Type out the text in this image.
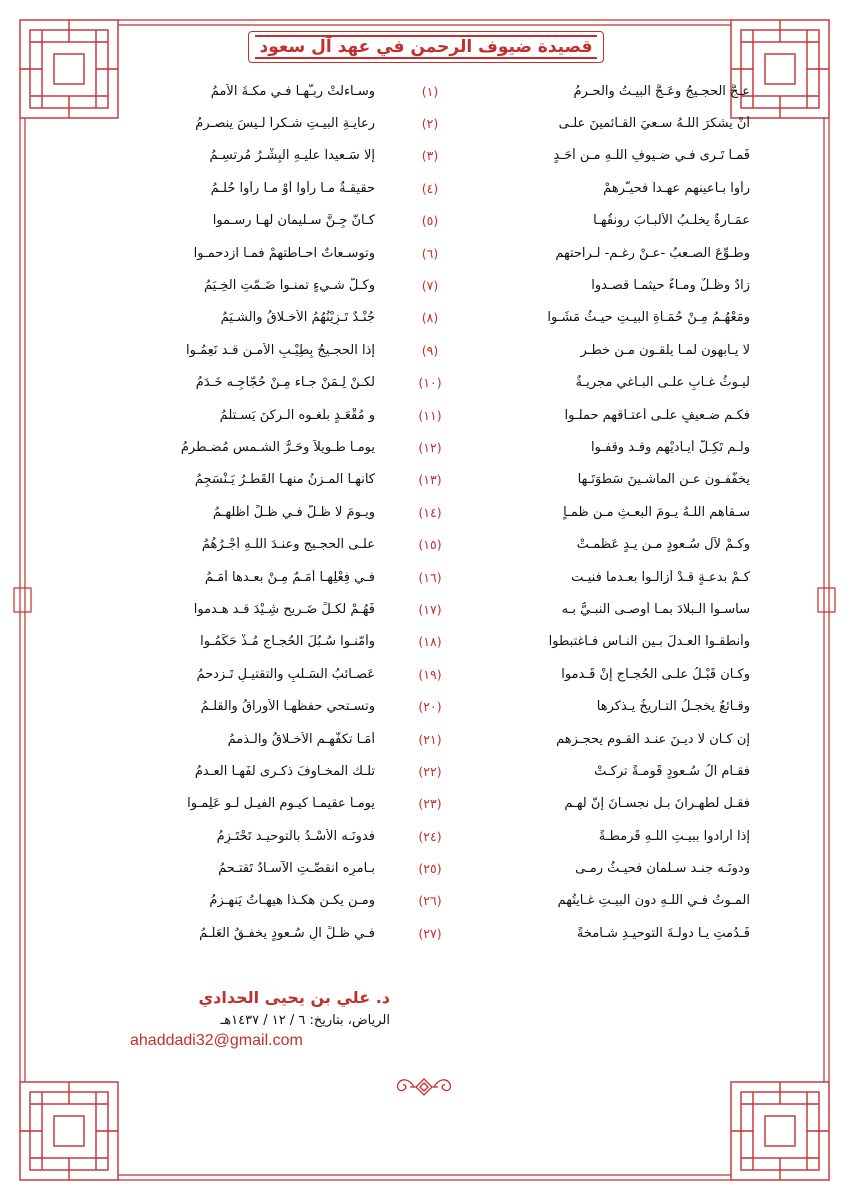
قصيدة ضيوف الرحمن في عهد آل سعود
عـجَّ الحجـيجُ وعَـجَّ البيـتُ والحـرمُ
(١)
وسـاءلتْ ربـَّهـا فـي مكـةَ الأُممُ
أنْ يشكرَ اللـهُ سـعيَ القـائمينَ علـى
(٢)
رعايـةِ البيـتِ شـكراً لـيسَ ينصـرمُ
فَمـا تَـرى فـي ضـيوفِ اللـهِ مـن أحَـدٍ
(٣)
إلا سَـعيداً عليـهِ البِشْـرُ مُرتسِـمُ
رأوا بـأعينهم عهـداً فحيـّرهمْ
(٤)
حقيقـةٌ مـا رأوا أوْ مـا رأوا حُلُـمُ
عمَـارةٌ يخلـبُ الألبـابَ رونقُهـا
(٥)
كـأنّ جِـنَّ سـليمان لهـا رسـموا
وطُـوِّعَ الصـعبُ -عـنْ رغـمٍ- لـراحتهم
(٦)
وتوسـعاتٌ احـاطتهمْ فمـا ازدحمـوا
زادٌ وظـلٌ ومـاءٌ حيثمـا قصـدوا
(٧)
وكـلُّ شـيءٍ تمنـوا ضَـمّتِ الخِـيَمُ
ومَعْهُـمُ مِـنْ حُمَـاةِ البيـتِ حيـثُ مَشَـوا
(٨)
جُنْـدٌ تَـزِيْنُهُمُ الأخـلاقُ والشـيَمُ
لا يـأبهون لمـا يلقـون مـن خطـر
(٩)
إذا الحجـيجُ بِطِيْـبِ الأمـنِ قـد نَعِمُـوا
ليـوثُ غـابٍ علـى البـاغي مجريـةٌ
(١٠)
لكـنْ لِـمَنْ جـاء مِـنْ حُجّاجِـه خَـدَمُ
فكـم ضـعيفٍ علـى أعتـاقهم حملـوا
(١١)
و مُقْعَـدٍ بلَغـوه الـركنَ يَسـتلمُ
ولـم تَكِـلَّ أيـاديْهم وقـد وقفـوا
(١٢)
يومـاً طـويلاً وحَـرُّ الشـمسِ مُضـطرمُ
يخفّفـون عـن الماشـينَ سَطْوَتَـها
(١٣)
كأنهـا المـزنُ منهـا القَطْـرُ يَـنْسَجِمُ
سـقاهم اللـهُ يـومَ البعـثِ مـن ظمـأٍ
(١٤)
ويـومَ لا ظـلَّ فـي ظـلٍّ أظلهـمُ
وكـمْ لآل سُـعودٍ مـن يـدٍ عَظُمـتْ
(١٥)
علـى الحجـيجِ وعنـدَ اللـهِ أجْـرُهُمُ
كـمْ بدعـةٍ قـدْ أزالـوا بعـدما فنيـت
(١٦)
فـي فِعْلِهـا أُمَـمٌ مِـنْ بعـدها أُمَـمُ
ساسـوا الـبلادَ بمـا أوصـى النبـيُّ بـه
(١٧)
فَهُـمْ لكـلِّ ضَـريحٍ شِـيْدَ قـد هـدموا
وأنطقـوا العـدلَ بـين النـاس فـاغتبطوا
(١٨)
وأمّنـوا سُـبُلَ الحُجـاجِ مُـذْ حَكَمُـوا
وكـان قَبْـلُ علـى الحُجـاجِ إنْ قَـدموا
(١٩)
عَصـائبُ السَـلبِ والتقتيـلِ تَـزدحمُ
وقـائعٌ يخجـلُ التـاريخُ يـذكرها
(٢٠)
وتسـتحي حفظَهـا الأوراقُ والقلـمُ
إن كـان لا ديـنَ عنـد القـوم يحجـزهم
(٢١)
أمَـا تكفُّهـم الأخـلاقُ والـذممُ
فقـام آلُ سُـعودٍ قَومـةً تركـتْ
(٢٢)
تلـك المخـاوفَ ذكـرى لفَهـا العـدمُ
فقـل لطهـرانَ بـل نجسـانَ إنّ لهـم
(٢٣)
يومـاً عقيمـاً كيـوم الفيـل لـو عَلِمـوا
إذا أرادوا ببيـتِ اللـهِ قَرمطـةً
(٢٤)
فدونَـه الأُسْـدُ بالتوحيـد تَحْتَـزِمُ
ودونَـه جنـد سـلمان فحيـثُ رمـى
(٢٥)
بـأمرِه انقضّـتِ الآسـادُ تَقتـحمُ
المـوتُ فـي اللـهِ دون البيـتِ غـايتُهم
(٢٦)
ومـن يكـن هكـذا هيهـاتُ يَنهـزمُ
فَـدُمتِ يـا دولـةَ التوحيـدِ شـامخةً
(٢٧)
فـي ظـلِّ آلِ سُـعودٍ يخفـقُ العَلَـمُ
د. علي بن يحيى الحدادي
الرياض، بتاريخ: ٦ / ١٢ / ١٤٣٧هـ
ahaddadi32@gmail.com
